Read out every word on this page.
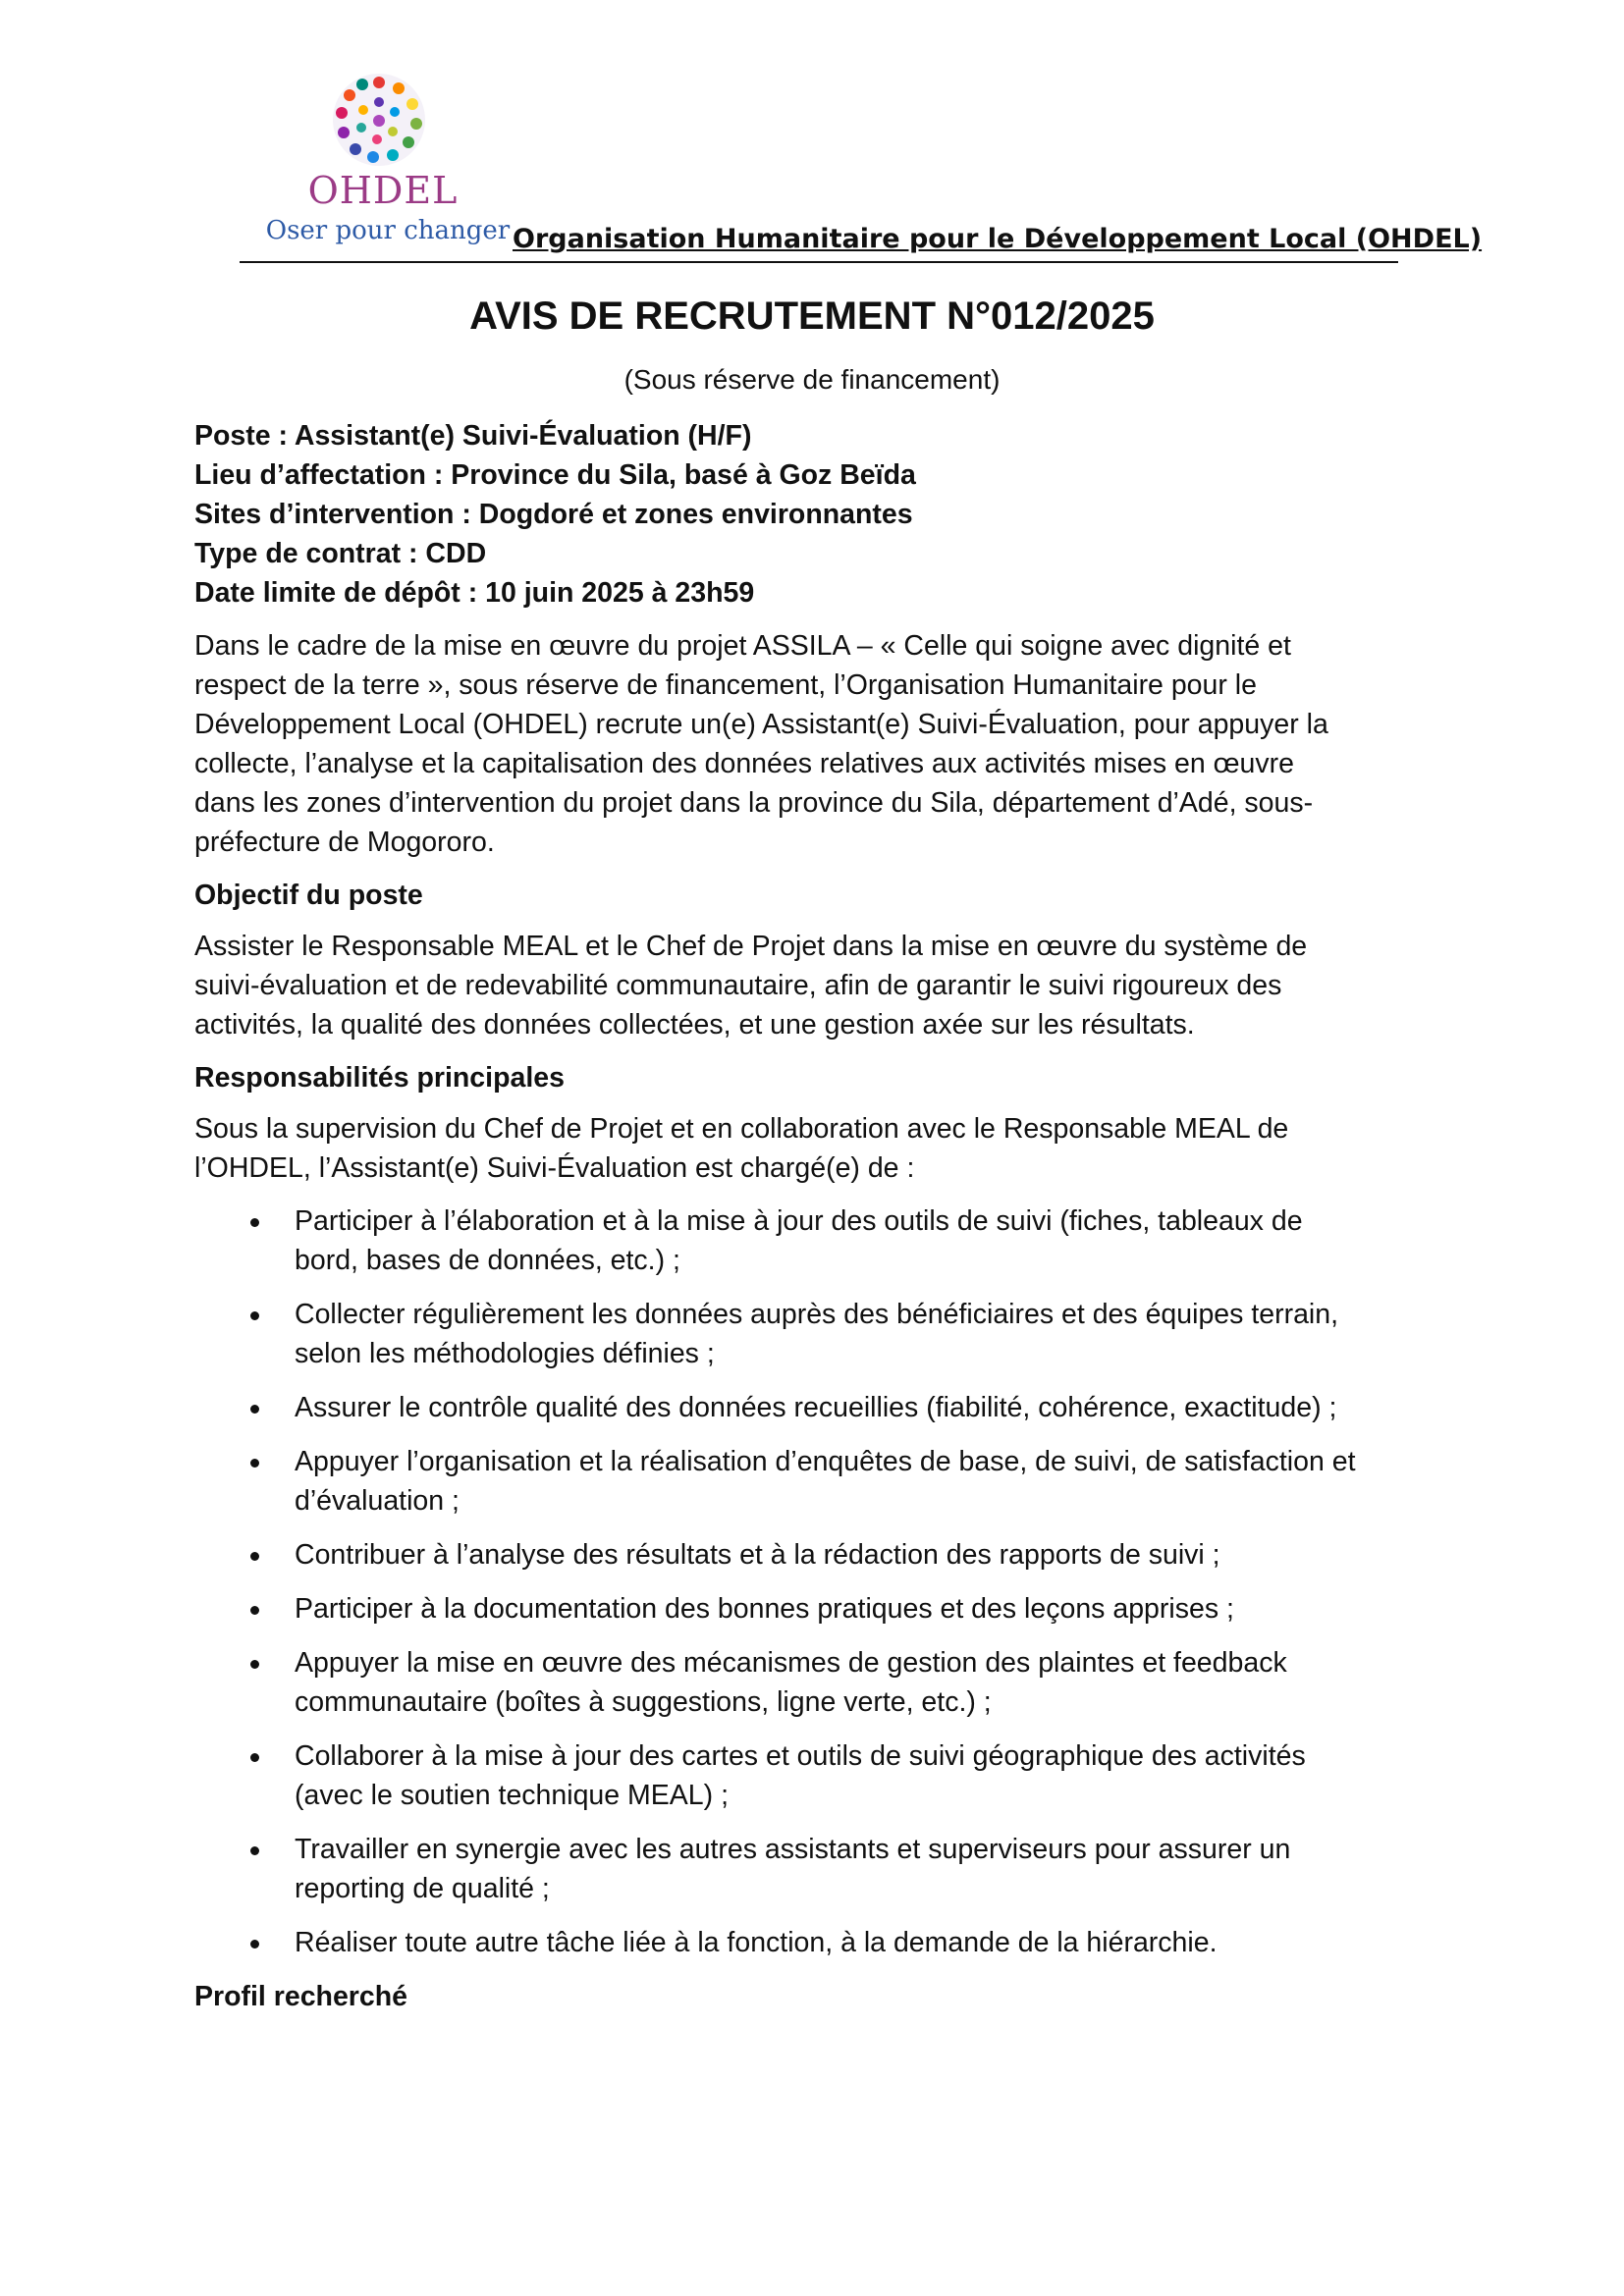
OHDEL
Oser pour changer Organisation Humanitaire pour le Développement Local (OHDEL)
AVIS DE RECRUTEMENT N°012/2025
(Sous réserve de financement)

Poste : Assistant(e) Suivi-Évaluation (H/F)

Lieu d’affectation : Province du Sila, basé à Goz Beïda

Sites d’intervention : Dogdoré et zones environnantes

Type de contrat : CDD

Date limite de dépôt : 10 juin 2025 à 23h59

Dans le cadre de la mise en œuvre du projet ASSILA – « Celle qui soigne avec dignité et

respect de la terre », sous réserve de financement, l’Organisation Humanitaire pour le

Développement Local (OHDEL) recrute un(e) Assistant(e) Suivi-Évaluation, pour appuyer la

collecte, l’analyse et la capitalisation des données relatives aux activités mises en œuvre

dans les zones d’intervention du projet dans la province du Sila, département d’Adé, sous-

préfecture de Mogororo.

Objectif du poste

Assister le Responsable MEAL et le Chef de Projet dans la mise en œuvre du système de

suivi-évaluation et de redevabilité communautaire, afin de garantir le suivi rigoureux des

activités, la qualité des données collectées, et une gestion axée sur les résultats.

Responsabilités principales

Sous la supervision du Chef de Projet et en collaboration avec le Responsable MEAL de

l’OHDEL, l’Assistant(e) Suivi-Évaluation est chargé(e) de :

Participer à l’élaboration et à la mise à jour des outils de suivi (fiches, tableaux de
bord, bases de données, etc.) ;
Collecter régulièrement les données auprès des bénéficiaires et des équipes terrain,
selon les méthodologies définies ;
Assurer le contrôle qualité des données recueillies (fiabilité, cohérence, exactitude) ;
Appuyer l’organisation et la réalisation d’enquêtes de base, de suivi, de satisfaction et
d’évaluation ;
Contribuer à l’analyse des résultats et à la rédaction des rapports de suivi ;
Participer à la documentation des bonnes pratiques et des leçons apprises ;
Appuyer la mise en œuvre des mécanismes de gestion des plaintes et feedback
communautaire (boîtes à suggestions, ligne verte, etc.) ;
Collaborer à la mise à jour des cartes et outils de suivi géographique des activités
(avec le soutien technique MEAL) ;
Travailler en synergie avec les autres assistants et superviseurs pour assurer un
reporting de qualité ;
Réaliser toute autre tâche liée à la fonction, à la demande de la hiérarchie.

Profil recherché
